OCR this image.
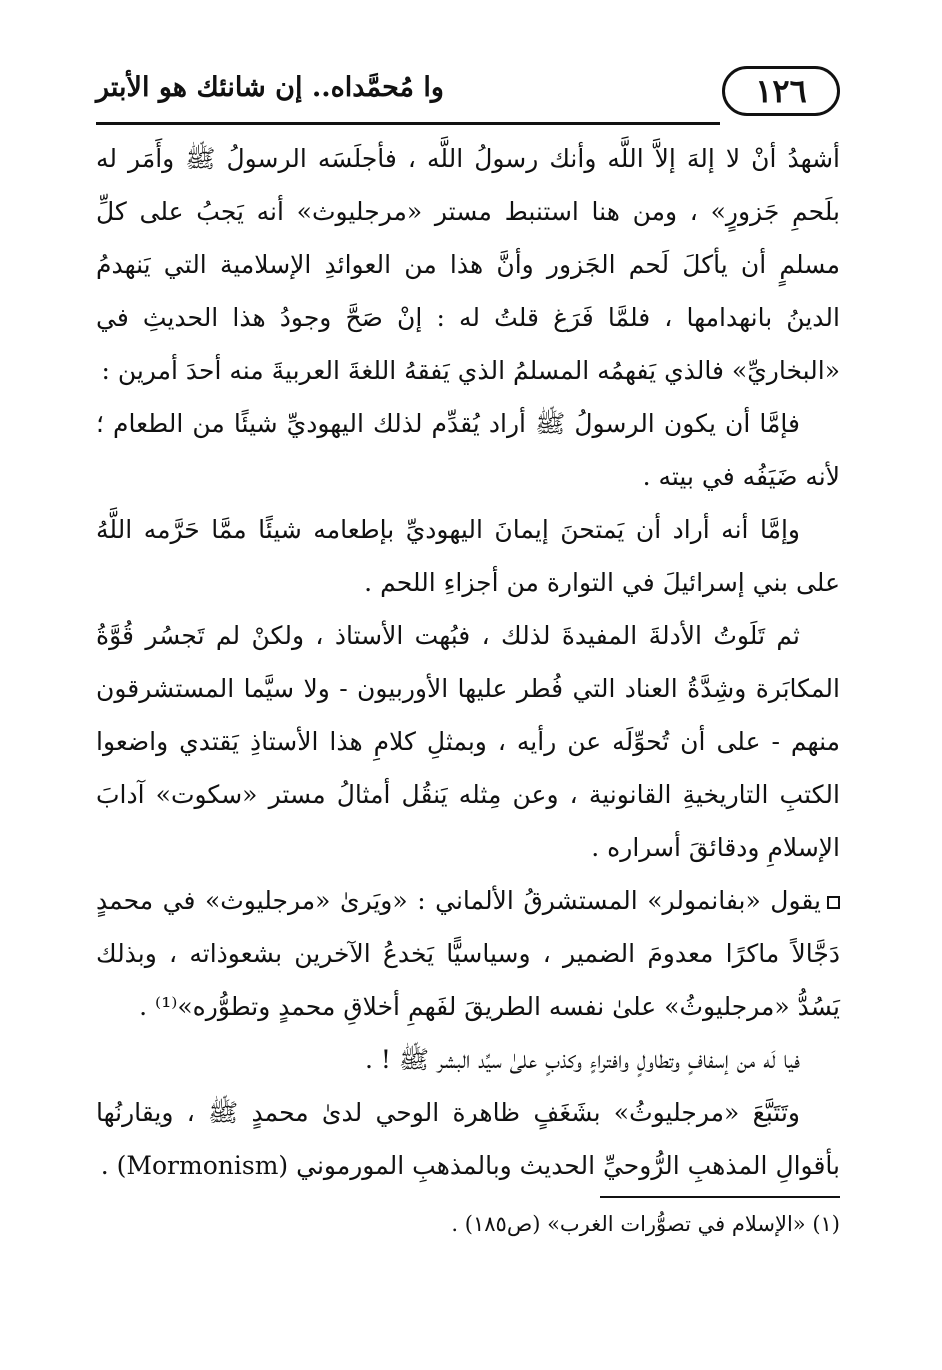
١٢٦
وا مُحمَّداه.. إن شانئك هو الأبتر

أشهدُ أنْ لا إلهَ إلاَّ اللَّه وأنك رسولُ اللَّه ، فأجلَسَه الرسولُ ﷺ وأَمَر له بلَحمِ جَزورٍ» ، ومن هنا استنبط مستر «مرجليوث» أنه يَجبُ على كلِّ مسلمٍ أن يأكلَ لَحم الجَزور وأنَّ هذا من العوائدِ الإسلامية التي يَنهدمُ الدينُ بانهدامها ، فلمَّا فَرَغ قلتُ له : إنْ صَحَّ وجودُ هذا الحديثِ في «البخاريِّ» فالذي يَفهمُه المسلمُ الذي يَفقهُ اللغةَ العربيةَ منه أحدَ أمرين :

فإمَّا أن يكون الرسولُ ﷺ أراد يُقدِّم لذلك اليهوديِّ شيئًا من الطعام ؛ لأنه ضَيَفُه في بيته .

وإمَّا أنه أراد أن يَمتحنَ إيمانَ اليهوديِّ بإطعامه شيئًا ممَّا حَرَّمه اللَّهُ على بني إسرائيلَ في التوارة من أجزاءِ اللحم .

ثم تَلَوتُ الأدلةَ المفيدةَ لذلك ، فبُهت الأستاذ ، ولكنْ لم تَجسُر قُوَّةُ المكابَرة وشِدَّةُ العناد التي فُطر عليها الأوربيون - ولا سيَّما المستشرقون منهم - على أن تُحوِّلَه عن رأيه ، وبمثلِ كلامِ هذا الأستاذِ يَقتدي واضعوا الكتبِ التاريخيةِ القانونية ، وعن مِثله يَنقُل أمثالُ مستر «سكوت» آدابَ الإسلامِ ودقائقَ أسراره .

يقول «بفانمولر» المستشرقُ الألماني : «ويَرىٰ «مرجليوث» في محمدٍ دَجَّالاً ماكرًا معدومَ الضمير ، وسياسيًّا يَخدعُ الآخرين بشعوذاته ، وبذلك يَسُدُّ «مرجليوثُ» علىٰ نفسه الطريقَ لفَهمِ أخلاقِ محمدٍ وتطوُّره»⁽¹⁾ .

فيا لَه من إسفافٍ وتطاولٍ وافتراءٍ وكذبٍ علىٰ سيِّد البشر ﷺ ! .

وتَتَبَّعَ «مرجليوثُ» بشَغَفٍ ظاهرة الوحي لدىٰ محمدٍ ﷺ ، ويقارنُها بأقوالِ المذهبِ الرُّوحيِّ الحديث وبالمذهبِ المورموني (Mormonism) .

(١) «الإسلام في تصوُّرات الغرب» (ص١٨٥) .
